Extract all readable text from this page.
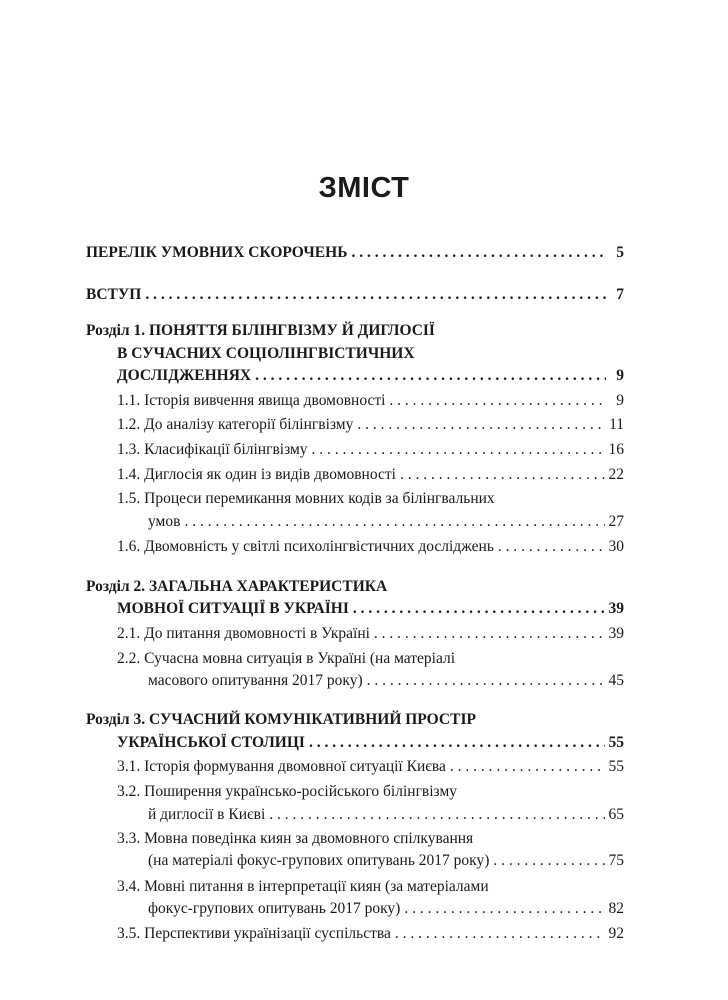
ЗМІСТ
ПЕРЕЛІК УМОВНИХ СКОРОЧЕНЬ . . .	5
ВСТУП . . .	7
Розділ 1. ПОНЯТТЯ БІЛІНГВІЗМУ Й ДИГЛОСІЇ
В СУЧАСНИХ СОЦІОЛІНГВІСТИЧНИХ
ДОСЛІДЖЕННЯХ . . .	9
1.1. Історія вивчення явища двомовності . . .	9
1.2. До аналізу категорії білінгвізму . . .	11
1.3. Класифікації білінгвізму . . .	16
1.4. Диглосія як один із видів двомовності . . .	22
1.5. Процеси перемикання мовних кодів за білінгвальних
умов . . .	27
1.6. Двомовність у світлі психолінгвістичних досліджень . . .	30
Розділ 2. ЗАГАЛЬНА ХАРАКТЕРИСТИКА
МОВНОЇ СИТУАЦІЇ В УКРАЇНІ . . .	39
2.1. До питання двомовності в Україні . . .	39
2.2. Сучасна мовна ситуація в Україні (на матеріалі
масового опитування 2017 року) . . .	45
Розділ 3. СУЧАСНИЙ КОМУНІКАТИВНИЙ ПРОСТІР
УКРАЇНСЬКОЇ СТОЛИЦІ . . .	55
3.1. Історія формування двомовної ситуації Києва . . .	55
3.2. Поширення українсько-російського білінгвізму
й диглосії в Києві . . .	65
3.3. Мовна поведінка киян за двомовного спілкування
(на матеріалі фокус-групових опитувань 2017 року) . . .	75
3.4. Мовні питання в інтерпретації киян (за матеріалами
фокус-групових опитувань 2017 року) . . .	82
3.5. Перспективи українізації суспільства . . .	92
